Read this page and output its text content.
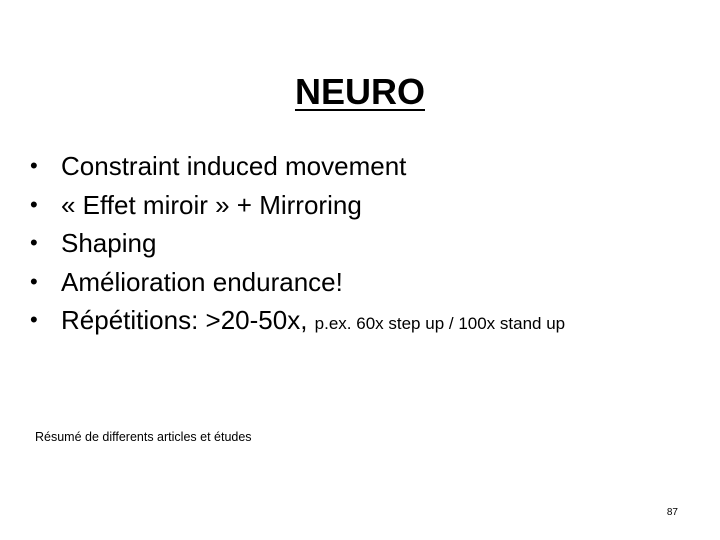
NEURO
• Constraint induced movement
• « Effet miroir » + Mirroring
• Shaping
• Amélioration endurance!
• Répétitions: >20-50x, p.ex. 60x step up / 100x stand up
Résumé de differents articles et études
87
